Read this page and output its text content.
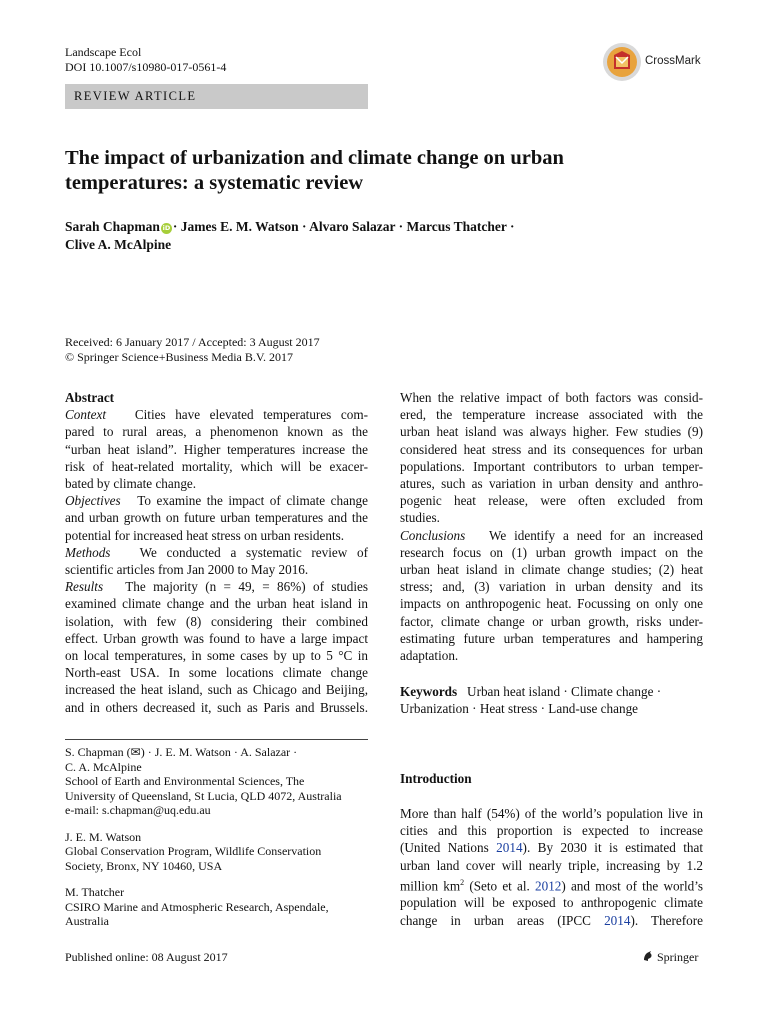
Landscape Ecol
DOI 10.1007/s10980-017-0561-4	CrossMark
REVIEW ARTICLE
The impact of urbanization and climate change on urban
temperatures: a systematic review
Sarah Chapman iD · James E. M. Watson · Alvaro Salazar · Marcus Thatcher ·
Clive A. McAlpine
Received: 6 January 2017 / Accepted: 3 August 2017
© Springer Science+Business Media B.V. 2017
Abstract
Context Cities have elevated temperatures com-
pared to rural areas, a phenomenon known as the
“urban heat island”. Higher temperatures increase the
risk of heat-related mortality, which will be exacer-
bated by climate change.
Objectives To examine the impact of climate change
and urban growth on future urban temperatures and the
potential for increased heat stress on urban residents.
Methods We conducted a systematic review of
scientific articles from Jan 2000 to May 2016.
Results The majority (n = 49, = 86%) of studies
examined climate change and the urban heat island in
isolation, with few (8) considering their combined
effect. Urban growth was found to have a large impact
on local temperatures, in some cases by up to 5 °C in
North-east USA. In some locations climate change
increased the heat island, such as Chicago and Beijing,
and in others decreased it, such as Paris and Brussels.
When the relative impact of both factors was consid-
ered, the temperature increase associated with the
urban heat island was always higher. Few studies (9)
considered heat stress and its consequences for urban
populations. Important contributors to urban temper-
atures, such as variation in urban density and anthro-
pogenic heat release, were often excluded from
studies.
Conclusions We identify a need for an increased
research focus on (1) urban growth impact on the
urban heat island in climate change studies; (2) heat
stress; and, (3) variation in urban density and its
impacts on anthropogenic heat. Focussing on only one
factor, climate change or urban growth, risks under-
estimating future urban temperatures and hampering
adaptation.
Keywords Urban heat island · Climate change ·
Urbanization · Heat stress · Land-use change
S. Chapman (✉) · J. E. M. Watson · A. Salazar ·
C. A. McAlpine
School of Earth and Environmental Sciences, The
University of Queensland, St Lucia, QLD 4072, Australia
e-mail: s.chapman@uq.edu.au
J. E. M. Watson
Global Conservation Program, Wildlife Conservation
Society, Bronx, NY 10460, USA
M. Thatcher
CSIRO Marine and Atmospheric Research, Aspendale,
Australia
Introduction
More than half (54%) of the world’s population live in
cities and this proportion is expected to increase
(United Nations 2014). By 2030 it is estimated that
urban land cover will nearly triple, increasing by 1.2
million $km^2$ (Seto et al. 2012) and most of the world’s
population will be exposed to anthropogenic climate
change in urban areas (IPCC 2014). Therefore
Published online: 08 August 2017	Springer
